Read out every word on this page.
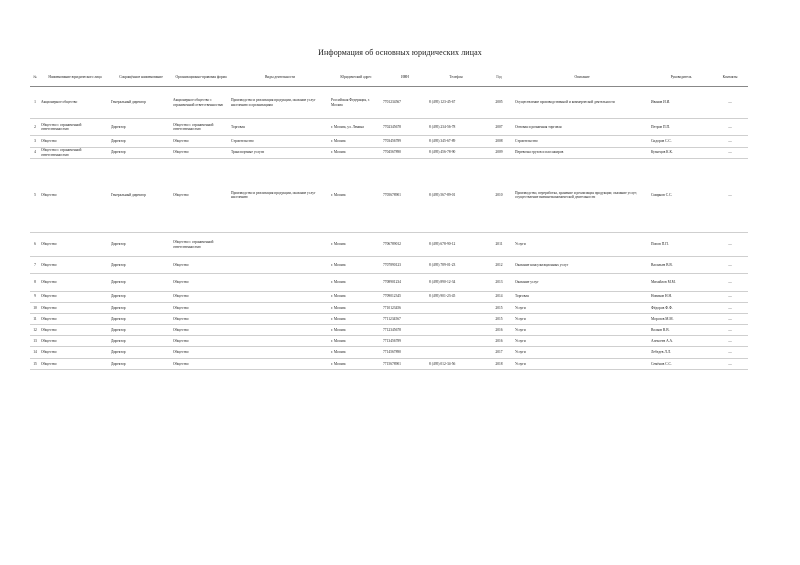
Информация об основных юридических лицах
№	Наименование юридического лица	Сокращённое наименование	Организационно-правовая форма	Виды деятельности	Юридический адрес	ИНН	Телефон	Год	Описание	Руководитель	Контакты
1	Акционерное общество	Генеральный директор	Акционерное общество с ограниченной ответственностью	Производство и реализация продукции, оказание услуг населению и организациям	Российская Федерация, г. Москва	7701234567	8 (495) 123-45-67	2005	Осуществление производственной и коммерческой деятельности	Иванов И.И.	—
2	Общество с ограниченной ответственностью	Директор	Общество с ограниченной ответственностью	Торговля	г. Москва, ул. Ленина	7702345678	8 (495) 234-56-78	2007	Оптовая и розничная торговля	Петров П.П.	—
3	Общество	Директор	Общество	Строительство	г. Москва	7703456789	8 (495) 345-67-89	2008	Строительство	Сидоров С.С.	—
4	Общество с ограниченной ответственностью	Директор	Общество	Транспортные услуги	г. Москва	7704567890	8 (495) 456-78-90	2009	Перевозка грузов и пассажиров	Кузнецов К.К.	—
5	Общество	Генеральный директор	Общество	Производство и реализация продукции, оказание услуг населению	г. Москва	7705678901	8 (495) 567-89-01	2010	Производство, переработка, хранение и реализация продукции; оказание услуг; осуществление внешнеэкономической деятельности	Смирнов С.С.	—
6	Общество	Директор	Общество с ограниченной ответственностью		г. Москва	7706789012	8 (495) 678-90-12	2011	Услуги	Попов П.П.	—
7	Общество	Директор	Общество		г. Москва	7707890123	8 (495) 789-01-23	2012	Оказание консультационных услуг	Васильев В.В.	—
8	Общество	Директор	Общество		г. Москва	7708901234	8 (495) 890-12-34	2013	Оказание услуг	Михайлов М.М.	—
9	Общество	Директор	Общество		г. Москва	7709012345	8 (495) 901-23-45	2014	Торговля	Новиков Н.Н.	—
10	Общество	Директор	Общество		г. Москва	7710123456		2015	Услуги	Фёдоров Ф.Ф.	—
11	Общество	Директор	Общество		г. Москва	7711234567		2015	Услуги	Морозов М.М.	—
12	Общество	Директор	Общество		г. Москва	7712345678		2016	Услуги	Волков В.В.	—
13	Общество	Директор	Общество		г. Москва	7713456789		2016	Услуги	Алексеев А.А.	—
14	Общество	Директор	Общество		г. Москва	7714567890		2017	Услуги	Лебедев Л.Л.	—
15	Общество	Директор	Общество		г. Москва	7715678901	8 (495) 012-34-56	2018	Услуги	Семёнов С.С.	—
